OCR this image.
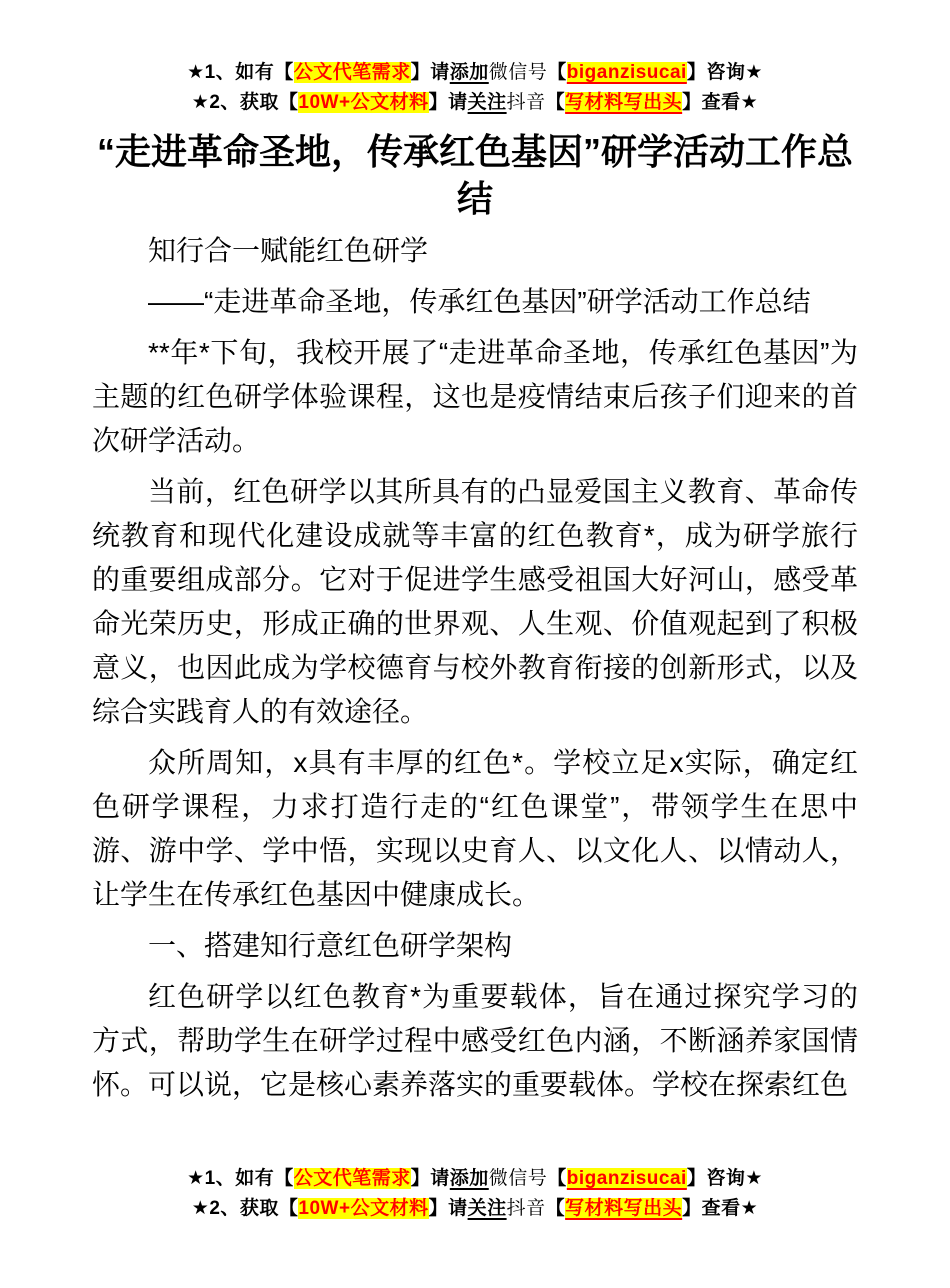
★1、如有【公文代笔需求】请添加微信号【biganzisucai】咨询★
★2、获取【10W+公文材料】请关注抖音【写材料写出头】查看★
“走进革命圣地，传承红色基因”研学活动工作总结

知行合一赋能红色研学

——“走进革命圣地，传承红色基因”研学活动工作总结

**年*下旬，我校开展了“走进革命圣地，传承红色基因”为主题的红色研学体验课程，这也是疫情结束后孩子们迎来的首次研学活动。

当前，红色研学以其所具有的凸显爱国主义教育、革命传统教育和现代化建设成就等丰富的红色教育*，成为研学旅行的重要组成部分。它对于促进学生感受祖国大好河山，感受革命光荣历史，形成正确的世界观、人生观、价值观起到了积极意义，也因此成为学校德育与校外教育衔接的创新形式，以及综合实践育人的有效途径。

众所周知，x具有丰厚的红色*。学校立足x实际，确定红色研学课程，力求打造行走的“红色课堂”，带领学生在思中游、游中学、学中悟，实现以史育人、以文化人、以情动人，让学生在传承红色基因中健康成长。

一、搭建知行意红色研学架构

红色研学以红色教育*为重要载体，旨在通过探究学习的方式，帮助学生在研学过程中感受红色内涵，不断涵养家国情怀。可以说，它是核心素养落实的重要载体。学校在探索红色

★1、如有【公文代笔需求】请添加微信号【biganzisucai】咨询★
★2、获取【10W+公文材料】请关注抖音【写材料写出头】查看★
